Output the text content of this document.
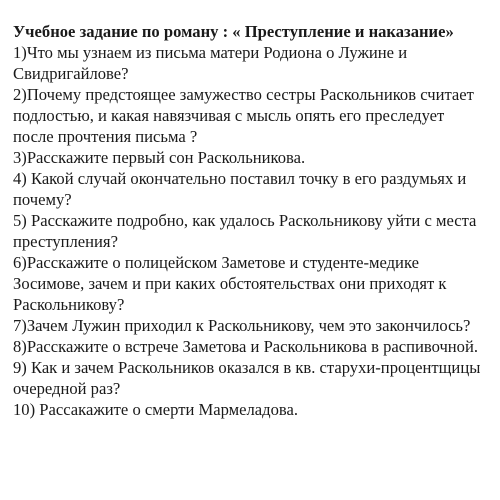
Учебное задание по роману : « Преступление и наказание»

1)Что мы узнаем из письма матери Родиона о Лужине и Свидригайлове?
2)Почему предстоящее замужество сестры Раскольников считает подлостью, и какая навязчивая с мысль опять его преследует после прочтения письма ?
3)Расскажите первый сон Раскольникова.
4) Какой случай окончательно поставил точку в его раздумьях и почему?
5) Расскажите подробно, как удалось Раскольникову уйти с места преступления?
6)Расскажите о полицейском Заметове и студенте-медике Зосимове, зачем и при каких обстоятельствах они приходят к Раскольникову?
7)Зачем Лужин приходил к Раскольникову, чем это закончилось?
8)Расскажите о встрече Заметова и Раскольникова в распивочной.
9) Как и зачем Раскольников оказался в кв. старухи-процентщицы очередной раз?
10) Рассакажите о смерти Мармеладова.
